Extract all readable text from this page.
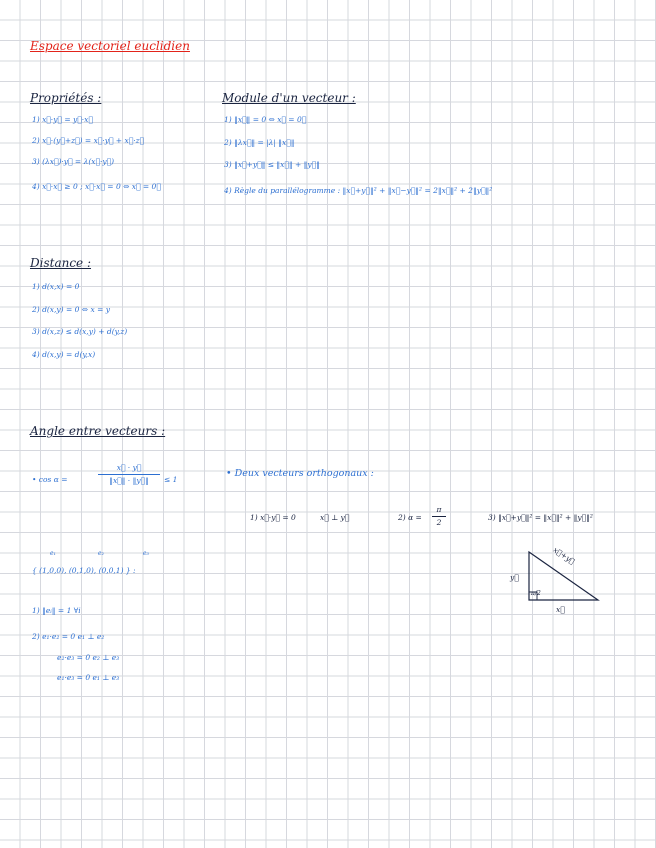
Espace vectoriel euclidien
Propriétés :
1) x⃗·y⃗ = y⃗·x⃗
2) x⃗·(y⃗+z⃗) = x⃗·y⃗ + x⃗·z⃗
3) (λx⃗)·y⃗ = λ(x⃗·y⃗)
4) x⃗·x⃗ ≥ 0 ; x⃗·x⃗ = 0 ⇔ x⃗ = 0⃗
Module d'un vecteur :
1) ‖x⃗‖ = 0 ⇔ x⃗ = 0⃗
2) ‖λx⃗‖ = |λ| ‖x⃗‖
3) ‖x⃗+y⃗‖ ≤ ‖x⃗‖ + ‖y⃗‖
4) Règle du parallélogramme : ‖x⃗+y⃗‖² + ‖x⃗−y⃗‖² = 2‖x⃗‖² + 2‖y⃗‖²
Distance :
1) d(x,x) = 0
2) d(x,y) = 0 ⇔ x = y
3) d(x,z) ≤ d(x,y) + d(y,z)
4) d(x,y) = d(y,x)
Angle entre vecteurs :
• cos α =
x⃗ · y⃗
‖x⃗‖ · ‖y⃗‖	≤ 1
• Deux vecteurs orthogonaux :
1) x⃗·y⃗ = 0	x⃗ ⊥ y⃗	2) α =
π
2	3) ‖x⃗+y⃗‖² = ‖x⃗‖² + ‖y⃗‖²
x⃗+y⃗
y⃗
x⃗
π/2
e₁	e₂	e₃
{ (1,0,0), (0,1,0), (0,0,1) } :
1) ‖eᵢ‖ = 1 ∀i
2) e₁·e₂ = 0 e₁ ⊥ e₂
e₂·e₃ = 0 e₂ ⊥ e₃
e₁·e₃ = 0 e₁ ⊥ e₃
